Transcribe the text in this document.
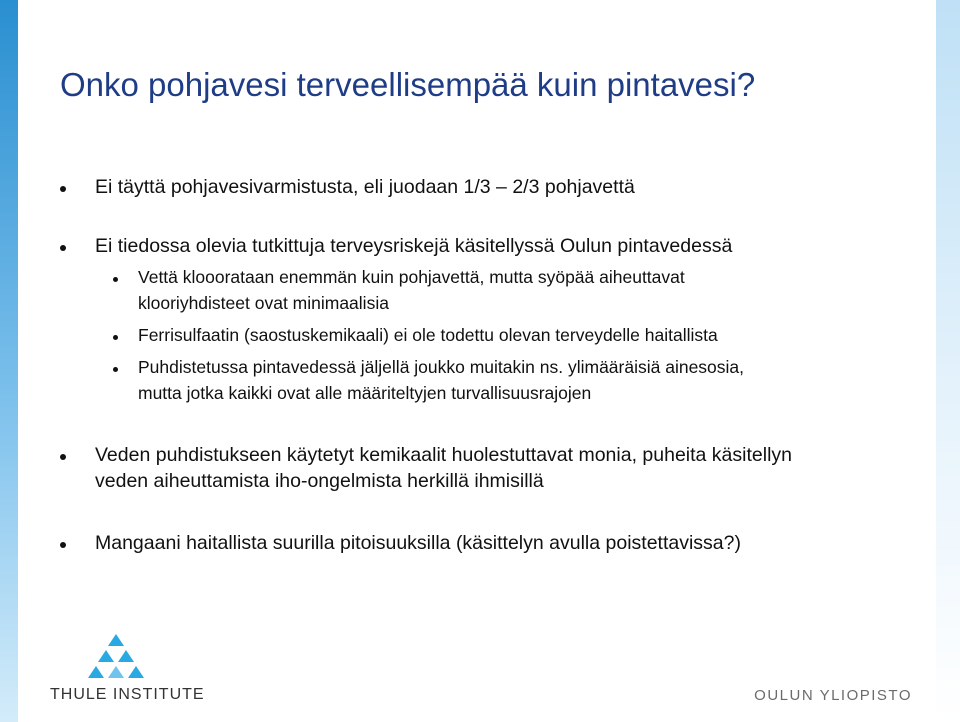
Onko pohjavesi terveellisempää kuin pintavesi?
Ei täyttä pohjavesivarmistusta, eli juodaan 1/3 – 2/3 pohjavettä
Ei tiedossa olevia tutkittuja terveysriskejä käsitellyssä Oulun pintavedessä
Vettä klooorataan enemmän kuin pohjavettä, mutta syöpää aiheuttavat
klooriyhdisteet ovat minimaalisia
Ferrisulfaatin (saostuskemikaali) ei ole todettu olevan terveydelle haitallista
Puhdistetussa pintavedessä jäljellä joukko muitakin ns. ylimääräisiä ainesosia,
mutta jotka kaikki ovat alle määriteltyjen turvallisuusrajojen
Veden puhdistukseen käytetyt kemikaalit huolestuttavat monia, puheita käsitellyn
veden aiheuttamista iho-ongelmista herkillä ihmisillä
Mangaani haitallista suurilla pitoisuuksilla (käsittelyn avulla poistettavissa?)
THULE INSTITUTE	OULUN YLIOPISTO
